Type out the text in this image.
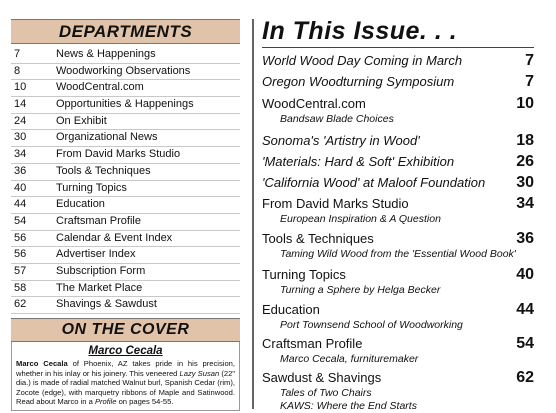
DEPARTMENTS
7	News & Happenings
8	Woodworking Observations
10	WoodCentral.com
14	Opportunities & Happenings
24	On Exhibit
30	Organizational News
34	From David Marks Studio
36	Tools & Techniques
40	Turning Topics
44	Education
54	Craftsman Profile
56	Calendar & Event Index
56	Advertiser Index
57	Subscription Form
58	The Market Place
62	Shavings & Sawdust
ON THE COVER
Marco Cecala
Marco Cecala of Phoenix, AZ takes pride in his precision, whether in his inlay or his joinery. This veneered Lazy Susan (22" dia.) is made of radial matched Walnut burl, Spanish Cedar (rim), Zocote (edge), with marquetry ribbons of Maple and Satinwood. Read about Marco in a Profile on pages 54-55.
In This Issue. . .
World Wood Day Coming in March	7
Oregon Woodturning Symposium	7
WoodCentral.com	10
Bandsaw Blade Choices
Sonoma's 'Artistry in Wood'	18
'Materials: Hard & Soft' Exhibition	26
'California Wood' at Maloof Foundation 30
From David Marks Studio	34
European Inspiration & A Question
Tools & Techniques	36
Taming Wild Wood from the 'Essential Wood Book'
Turning Topics	40
Turning a Sphere by Helga Becker
Education	44
Port Townsend School of Woodworking
Craftsman Profile	54
Marco Cecala, furnituremaker
Sawdust & Shavings	62
Tales of Two Chairs
KAWS: Where the End Starts
